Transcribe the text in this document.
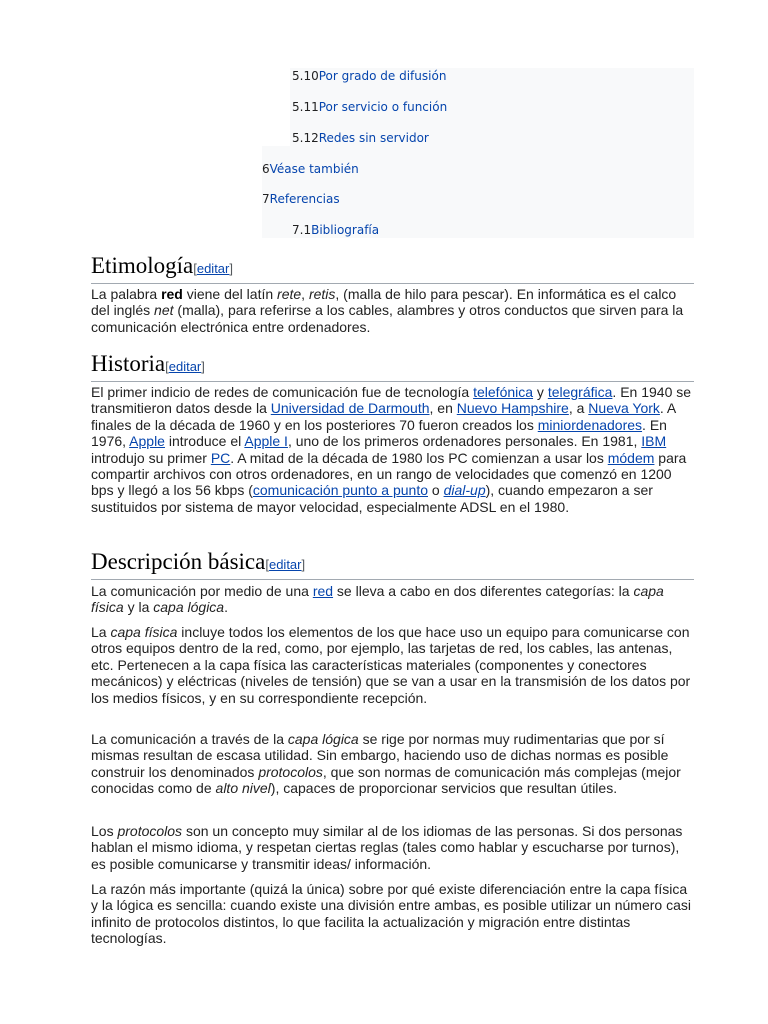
5.10Por grado de difusión
5.11Por servicio o función
5.12Redes sin servidor
6Véase también
7Referencias
7.1Bibliografía
Etimología[editar]

La palabra red viene del latín rete, retis, (malla de hilo para pescar). En informática es el calco del inglés net (malla), para referirse a los cables, alambres y otros conductos que sirven para la comunicación electrónica entre ordenadores.

Historia[editar]

El primer indicio de redes de comunicación fue de tecnología telefónica y telegráfica. En 1940 se transmitieron datos desde la Universidad de Darmouth, en Nuevo Hampshire, a Nueva York. A finales de la década de 1960 y en los posteriores 70 fueron creados los miniordenadores. En 1976, Apple introduce el Apple I, uno de los primeros ordenadores personales. En 1981, IBM introdujo su primer PC. A mitad de la década de 1980 los PC comienzan a usar los módem para compartir archivos con otros ordenadores, en un rango de velocidades que comenzó en 1200 bps y llegó a los 56 kbps (comunicación punto a punto o dial-up), cuando empezaron a ser sustituidos por sistema de mayor velocidad, especialmente ADSL en el 1980.

Descripción básica[editar]

La comunicación por medio de una red se lleva a cabo en dos diferentes categorías: la capa física y la capa lógica.

La capa física incluye todos los elementos de los que hace uso un equipo para comunicarse con otros equipos dentro de la red, como, por ejemplo, las tarjetas de red, los cables, las antenas, etc. Pertenecen a la capa física las características materiales (componentes y conectores mecánicos) y eléctricas (niveles de tensión) que se van a usar en la transmisión de los datos por los medios físicos, y en su correspondiente recepción.

La comunicación a través de la capa lógica se rige por normas muy rudimentarias que por sí mismas resultan de escasa utilidad. Sin embargo, haciendo uso de dichas normas es posible construir los denominados protocolos, que son normas de comunicación más complejas (mejor conocidas como de alto nivel), capaces de proporcionar servicios que resultan útiles.

Los protocolos son un concepto muy similar al de los idiomas de las personas. Si dos personas hablan el mismo idioma, y respetan ciertas reglas (tales como hablar y escucharse por turnos), es posible comunicarse y transmitir ideas/ información.

La razón más importante (quizá la única) sobre por qué existe diferenciación entre la capa física y la lógica es sencilla: cuando existe una división entre ambas, es posible utilizar un número casi infinito de protocolos distintos, lo que facilita la actualización y migración entre distintas tecnologías.
